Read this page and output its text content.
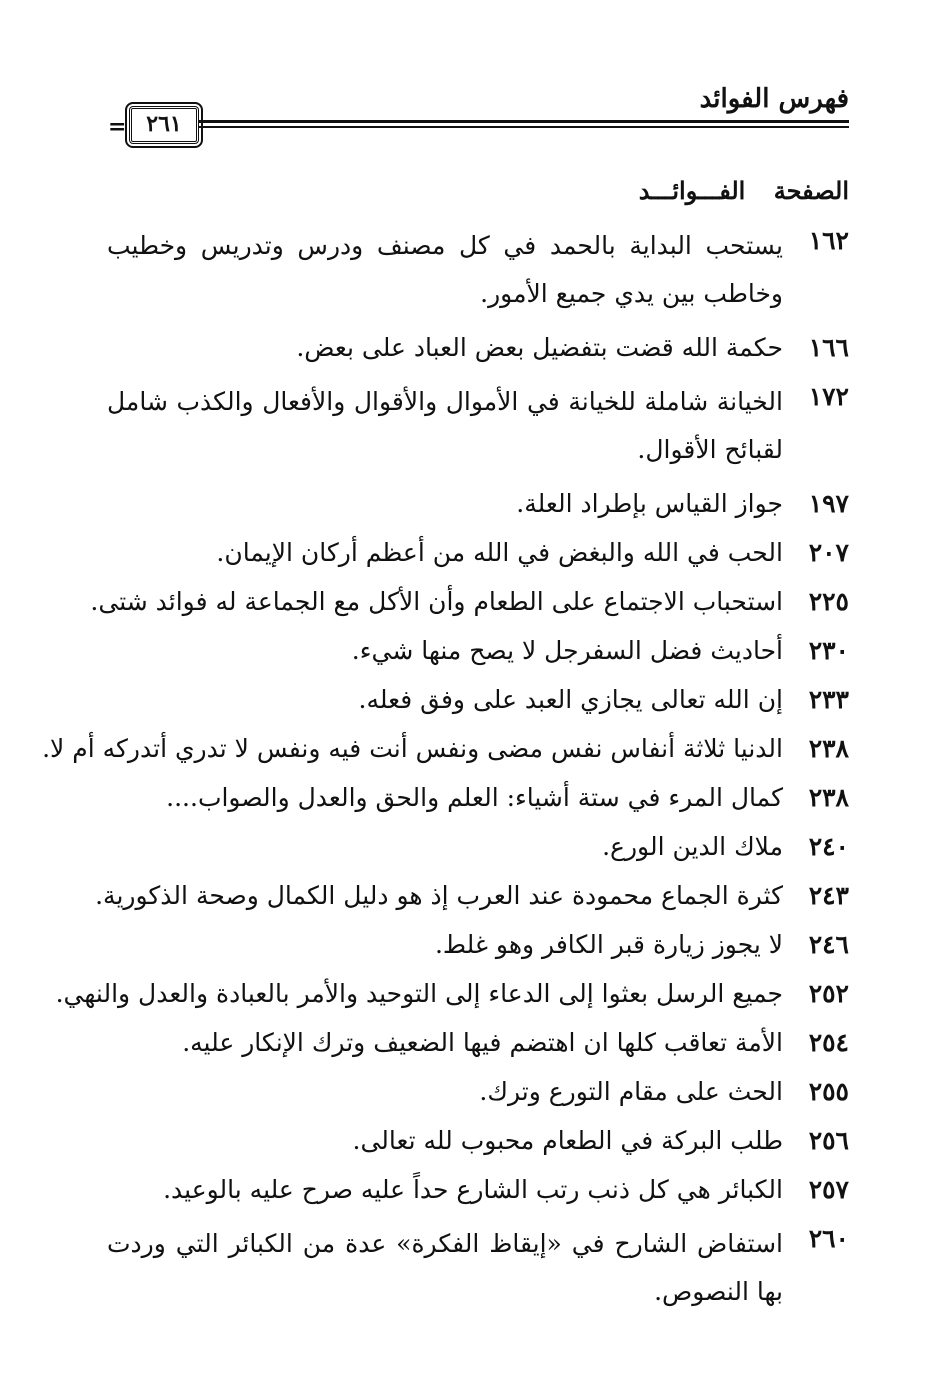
فهرس الفوائد
٢٦١
=
الصفحة الفـــوائـــد
١٦٢
يستحب البداية بالحمد في كل مصنف ودرس وتدريس وخطيب وخاطب بين يدي جميع الأمور.
١٦٦
حكمة الله قضت بتفضيل بعض العباد على بعض.
١٧٢
الخيانة شاملة للخيانة في الأموال والأقوال والأفعال والكذب شامل لقبائح الأقوال.
١٩٧
جواز القياس بإطراد العلة.
٢٠٧
الحب في الله والبغض في الله من أعظم أركان الإيمان.
٢٢٥
استحباب الاجتماع على الطعام وأن الأكل مع الجماعة له فوائد شتى.
٢٣٠
أحاديث فضل السفرجل لا يصح منها شيء.
٢٣٣
إن الله تعالى يجازي العبد على وفق فعله.
٢٣٨
الدنيا ثلاثة أنفاس نفس مضى ونفس أنت فيه ونفس لا تدري أتدركه أم لا.
٢٣٨
كمال المرء في ستة أشياء: العلم والحق والعدل والصواب....
٢٤٠
ملاك الدين الورع.
٢٤٣
كثرة الجماع محمودة عند العرب إذ هو دليل الكمال وصحة الذكورية.
٢٤٦
لا يجوز زيارة قبر الكافر وهو غلط.
٢٥٢
جميع الرسل بعثوا إلى الدعاء إلى التوحيد والأمر بالعبادة والعدل والنهي.
٢٥٤
الأمة تعاقب كلها ان اهتضم فيها الضعيف وترك الإنكار عليه.
٢٥٥
الحث على مقام التورع وترك.
٢٥٦
طلب البركة في الطعام محبوب لله تعالى.
٢٥٧
الكبائر هي كل ذنب رتب الشارع حداً عليه صرح عليه بالوعيد.
٢٦٠
استفاض الشارح في «إيقاظ الفكرة» عدة من الكبائر التي وردت بها النصوص.
